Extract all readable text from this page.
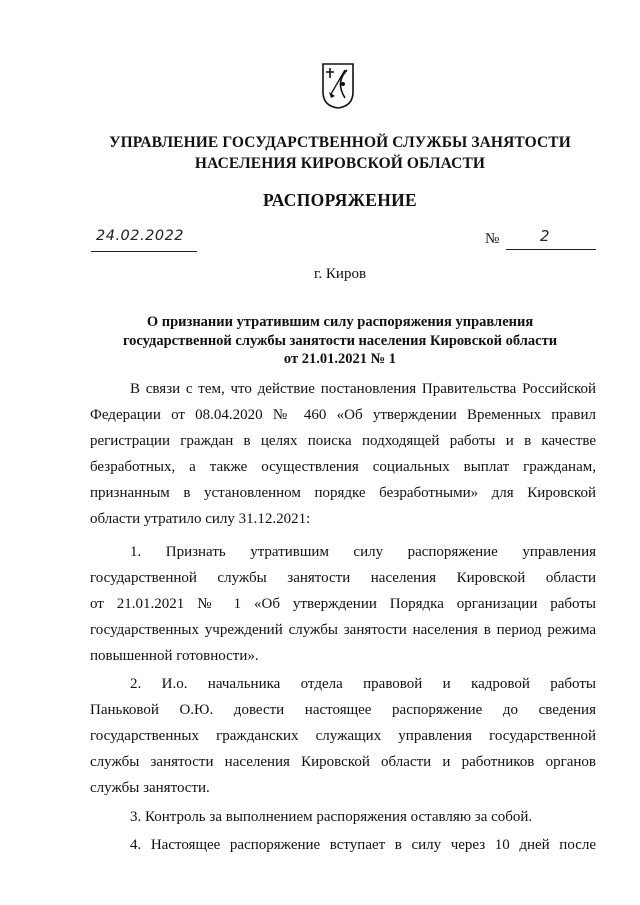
УПРАВЛЕНИЕ ГОСУДАРСТВЕННОЙ СЛУЖБЫ ЗАНЯТОСТИ
НАСЕЛЕНИЯ КИРОВСКОЙ ОБЛАСТИ
РАСПОРЯЖЕНИЕ
24.02.2022	№	2
г. Киров
О признании утратившим силу распоряжения управления
государственной службы занятости населения Кировской области
от 21.01.2021 № 1
В связи с тем, что действие постановления Правительства Российской
Федерации от 08.04.2020 № 460 «Об утверждении Временных правил
регистрации граждан в целях поиска подходящей работы и в качестве
безработных, а также осуществления социальных выплат гражданам,
признанным в установленном порядке безработными» для Кировской
области утратило силу 31.12.2021:
1. Признать утратившим силу распоряжение управления
государственной службы занятости населения Кировской области
от 21.01.2021 № 1 «Об утверждении Порядка организации работы
государственных учреждений службы занятости населения в период режима
повышенной готовности».
2. И.о. начальника отдела правовой и кадровой работы
Паньковой О.Ю. довести настоящее распоряжение до сведения
государственных гражданских служащих управления государственной
службы занятости населения Кировской области и работников органов
службы занятости.
3. Контроль за выполнением распоряжения оставляю за собой.
4. Настоящее распоряжение вступает в силу через 10 дней после
